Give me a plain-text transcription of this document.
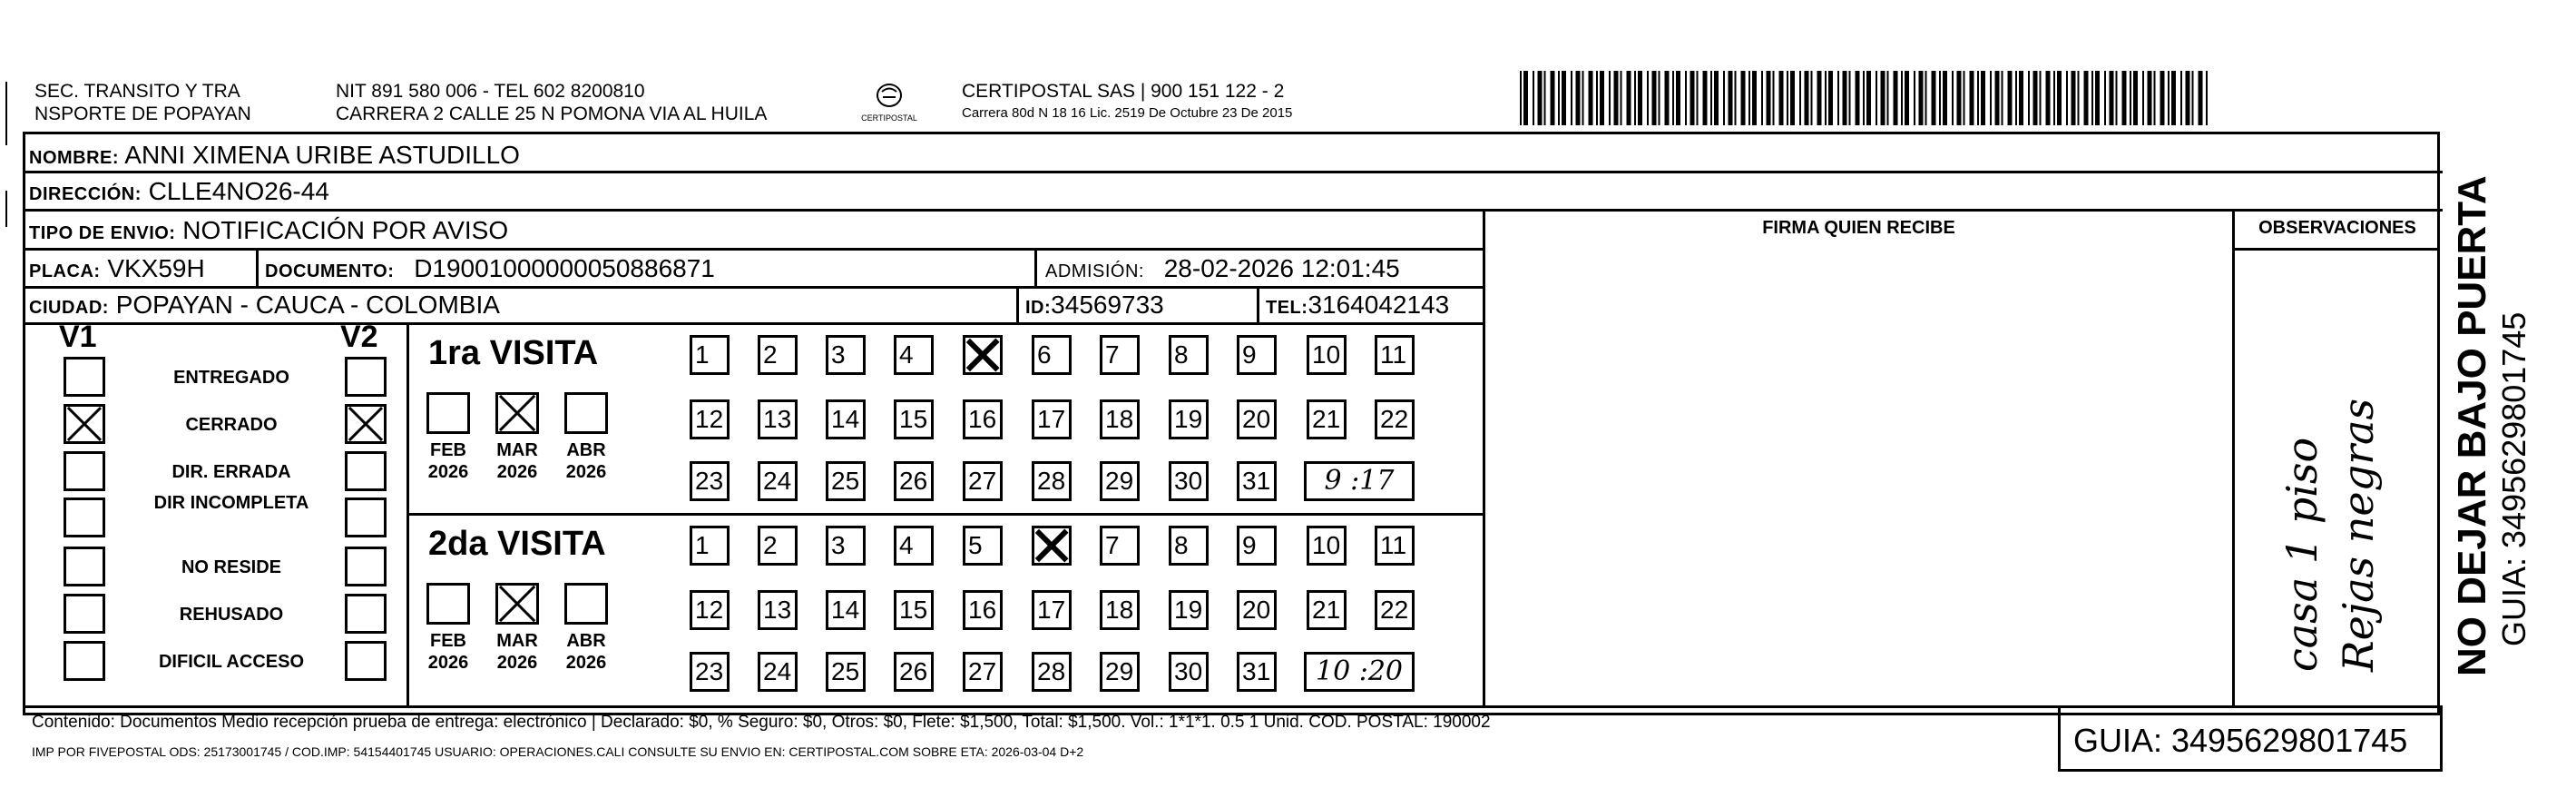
SEC. TRANSITO Y TRA
NSPORTE DE POPAYAN
NIT 891 580 006 - TEL 602 8200810
CARRERA 2 CALLE 25 N POMONA VIA AL HUILA	CERTIPOSTAL
CERTIPOSTAL SAS | 900 151 122 - 2
Carrera 80d N 18 16 Lic. 2519 De Octubre 23 De 2015
NOMBRE: ANNI XIMENA URIBE ASTUDILLO
DIRECCIÓN: CLLE4NO26-44
TIPO DE ENVIO: NOTIFICACIÓN POR AVISO
PLACA: VKX59H	DOCUMENTO: D19001000000050886871	ADMISIÓN: 28-02-2026 12:01:45
CIUDAD: POPAYAN - CAUCA - COLOMBIA	ID:34569733	TEL:3164042143
FIRMA QUIEN RECIBE	OBSERVACIONES
casa 1 piso Rejas negras NO DEJAR BAJO PUERTA GUIA: 3495629801745
V1	V2
ENTREGADO
CERRADO
DIR. ERRADA
DIR INCOMPLETA
NO RESIDE
REHUSADO
DIFICIL ACCESO
1ra VISITA
FEB
2026
MAR
2026
ABR
2026
1	2	3	4	6	7	8	9	10 11
12 13 14 15 16 17 18 19 20 21 22
23 24 25 26 27 28 29 30 31	9 :17
2da VISITA
FEB
2026
MAR
2026
ABR
2026
1	2	3	4	5	7	8	9	10 11
12 13 14 15 16 17 18 19 20 21 22
23 24 25 26 27 28 29 30 31	10 :20
Contenido: Documentos Medio recepción prueba de entrega: electrónico | Declarado: $0, % Seguro: $0, Otros: $0, Flete: $1,500, Total: $1,500. Vol.: 1*1*1. 0.5 1 Unid. COD. POSTAL: 190002
IMP POR FIVEPOSTAL ODS: 25173001745 / COD.IMP: 54154401745 USUARIO: OPERACIONES.CALI CONSULTE SU ENVIO EN: CERTIPOSTAL.COM SOBRE ETA: 2026-03-04 D+2	GUIA: 3495629801745
